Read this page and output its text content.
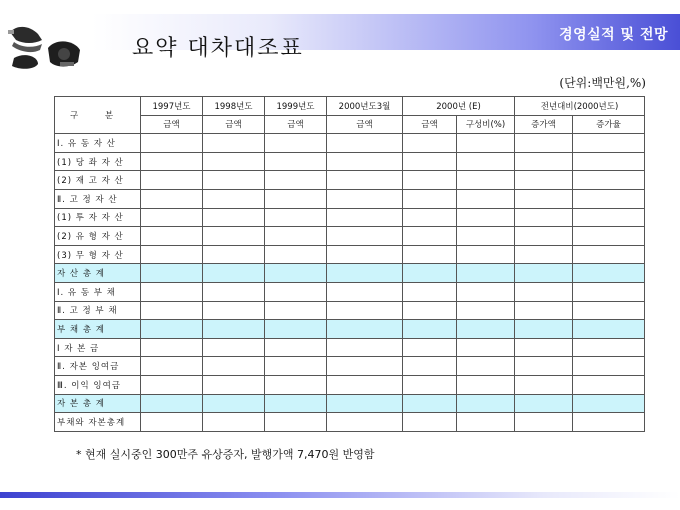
경영실적 및 전망
요약 대차대조표
(단위:백만원,%)
구 분	1997년도	1998년도	1999년도	2000년도3월	2000년 (E)		전년대비(2000년도)	
	금액	금액	금액	금액	금액	구성비(%)	증가액	증가율
Ⅰ. 유 동 자 산								
(1) 당 좌 자 산								
(2) 재 고 자 산								
Ⅱ. 고 정 자 산								
(1) 투 자 자 산								
(2) 유 형 자 산								
(3) 무 형 자 산								
자 산 총 계								
Ⅰ. 유 동 부 채								
Ⅱ. 고 정 부 채								
부 채 총 계								
Ⅰ 자 본 금								
Ⅱ. 자본 잉여금								
Ⅲ. 이익 잉여금								
자 본 총 계								
부채와 자본총계								
* 현재 실시중인 300만주 유상증자, 발행가액 7,470원 반영함
